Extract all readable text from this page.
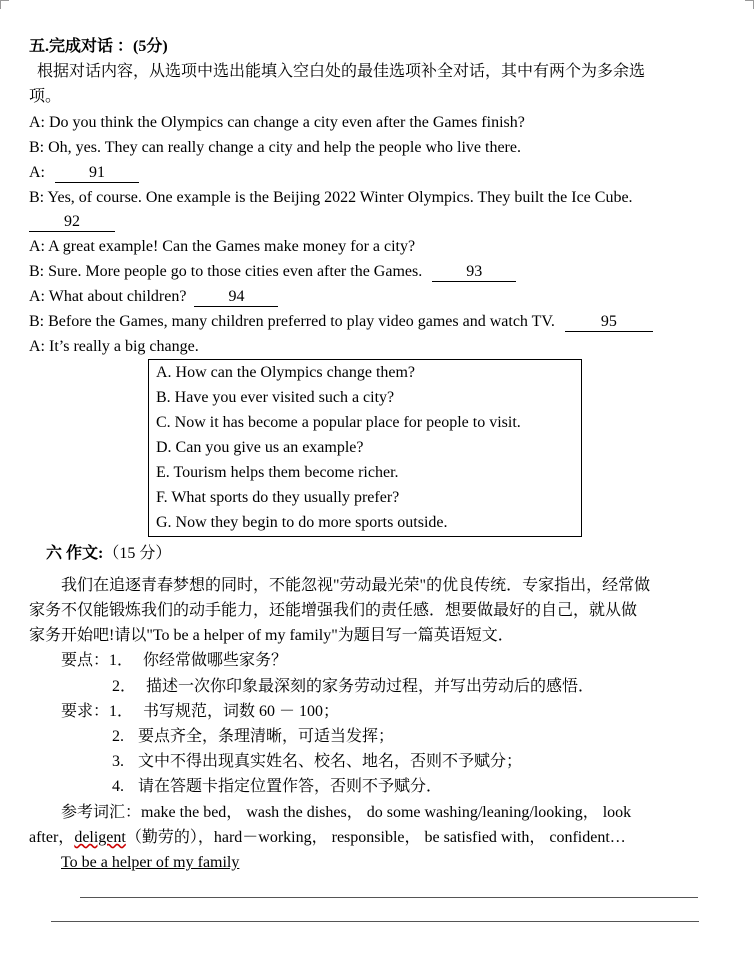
五.完成对话 ：(5分)
根据对话内容，从选项中选出能填入空白处的最佳选项补全对话，其中有两个为多余选
项。
A: Do you think the Olympics can change a city even after the Games finish?
B: Oh, yes. They can really change a city and help the people who live there.
A:	91
B: Yes, of course. One example is the Beijing 2022 Winter Olympics. They built the Ice Cube.
92
A: A great example! Can the Games make money for a city?
B: Sure. More people go to those cities even after the Games.	93
A: What about children?	94
B: Before the Games, many children preferred to play video games and watch TV.	95
A: It’s really a big change.
A. How can the Olympics change them?
B. Have you ever visited such a city?
C. Now it has become a popular place for people to visit.
D. Can you give us an example?
E. Tourism helps them become richer.
F. What sports do they usually prefer?
G. Now they begin to do more sports outside.
六 作文:（15 分）
我们在追逐青春梦想的同时，不能忽视"劳动最光荣"的优良传统．专家指出，经常做
家务不仅能锻炼我们的动手能力，还能增强我们的责任感．想要做最好的自己，就从做
家务开始吧!请以"To be a helper of my family"为题目写一篇英语短文．
要点：1． 你经常做哪些家务？
2． 描述一次你印象最深刻的家务劳动过程，并写出劳动后的感悟．
要求：1． 书写规范，词数 60 － 100；
2. 要点齐全，条理清晰，可适当发挥；
3. 文中不得出现真实姓名、校名、地名，否则不予赋分；
4. 请在答题卡指定位置作答，否则不予赋分．
参考词汇：make the bed， wash the dishes， do some washing/leaning/looking， look
after，deligent（勤劳的），hard－working， responsible， be satisfied with， confident…
To be a helper of my family
